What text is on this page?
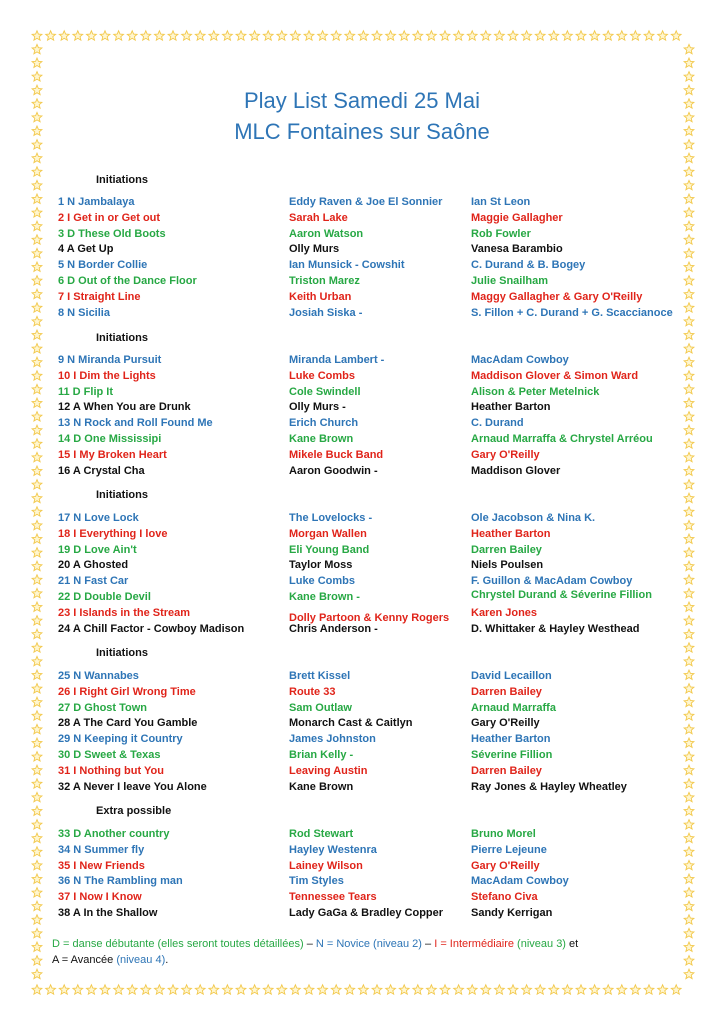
Play List Samedi 25 Mai
MLC Fontaines sur Saône
Initiations
Initiations
Initiations
Initiations
Extra possible
1 N Jambalaya	Eddy Raven & Joe El Sonnier	Ian St Leon
2 I Get in or Get out	Sarah Lake	Maggie Gallagher
3 D These Old Boots	Aaron Watson	Rob Fowler
4 A Get Up	Olly Murs	Vanesa Barambio
5 N Border Collie	Ian Munsick - Cowshit	C. Durand & B. Bogey
6 D Out of the Dance Floor	Triston Marez	Julie Snailham
7 I Straight Line	Keith Urban	Maggy Gallagher & Gary O'Reilly
8 N Sicilia	Josiah Siska -	S. Fillon + C. Durand + G. Scaccianoce
9 N Miranda Pursuit	Miranda Lambert -	MacAdam Cowboy
10 I Dim the Lights	Luke Combs	Maddison Glover & Simon Ward
11 D Flip It	Cole Swindell	Alison & Peter Metelnick
12 A When You are Drunk	Olly Murs -	Heather Barton
13 N Rock and Roll Found Me	Erich Church	C. Durand
14 D One Mississipi	Kane Brown	Arnaud Marraffa & Chrystel Arréou
15 I My Broken Heart	Mikele Buck Band	Gary O'Reilly
16 A Crystal Cha	Aaron Goodwin -	Maddison Glover
17 N Love Lock	The Lovelocks -	Ole Jacobson & Nina K.
18 I Everything I love	Morgan Wallen	Heather Barton
19 D Love Ain't	Eli Young Band	Darren Bailey
20 A Ghosted	Taylor Moss	Niels Poulsen
21 N Fast Car	Luke Combs	F. Guillon & MacAdam Cowboy
22 D Double Devil	Kane Brown -	Chrystel Durand & Séverine Fillion
23 I Islands in the Stream	Dolly Partoon & Kenny Rogers	Karen Jones
24 A Chill Factor - Cowboy Madison	Chris Anderson -	D. Whittaker & Hayley Westhead
25 N Wannabes	Brett Kissel	David Lecaillon
26 I Right Girl Wrong Time	Route 33	Darren Bailey
27 D Ghost Town	Sam Outlaw	Arnaud Marraffa
28 A The Card You Gamble	Monarch Cast & Caitlyn	Gary O'Reilly
29 N Keeping it Country	James Johnston	Heather Barton
30 D Sweet & Texas	Brian Kelly -	Séverine Fillion
31 I Nothing but You	Leaving Austin	Darren Bailey
32 A Never I leave You Alone	Kane Brown	Ray Jones & Hayley Wheatley
33 D Another country	Rod Stewart	Bruno Morel
34 N Summer fly	Hayley Westenra	Pierre Lejeune
35 I New Friends	Lainey Wilson	Gary O'Reilly
36 N The Rambling man	Tim Styles	MacAdam Cowboy
37 I Now I Know	Tennessee Tears	Stefano Civa
38 A In the Shallow	Lady GaGa & Bradley Copper	Sandy Kerrigan
D = danse débutante (elles seront toutes détaillées) – N = Novice (niveau 2) – I = Intermédiaire (niveau 3) et
A = Avancée (niveau 4).
